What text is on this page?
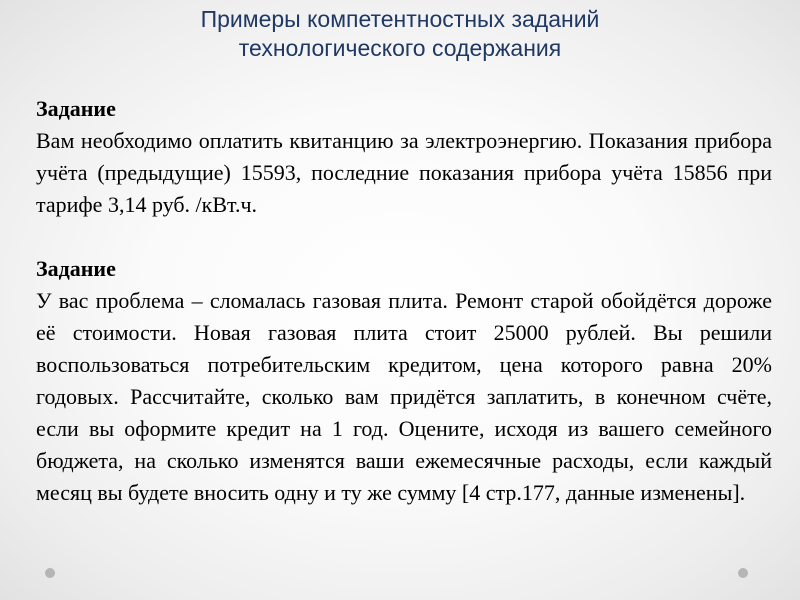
Примеры компетентностных заданий
технологического содержания

Задание

Вам необходимо оплатить квитанцию за электроэнергию. Показания прибора учёта (предыдущие) 15593, последние показания прибора учёта 15856 при тарифе 3,14 руб. /кВт.ч.

Задание

У вас проблема – сломалась газовая плита. Ремонт старой обойдётся дороже её стоимости. Новая газовая плита стоит 25000 рублей. Вы решили воспользоваться потребительским кредитом, цена которого равна 20% годовых. Рассчитайте, сколько вам придётся заплатить, в конечном счёте, если вы оформите кредит на 1 год. Оцените, исходя из вашего семейного бюджета, на сколько изменятся ваши ежемесячные расходы, если каждый месяц вы будете вносить одну и ту же сумму [4 стр.177, данные изменены].
